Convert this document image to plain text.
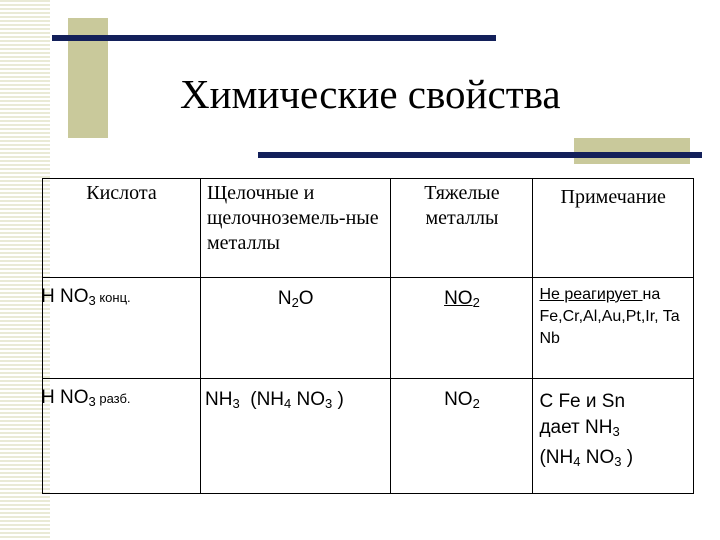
Химические свойства
Кислота	Щелочные и щелочноземель-ные металлы	Тяжелые металлы	Примечание

H $NO_3$ конц.	$N_2O$	$NO_2$	Не реагирует на Fe,Cr,Al,Au,Pt,Ir, Ta Nb

H $NO_3$ разб.	$NH_3$  ($NH_4$ $NO_3$ )	$NO_2$	С Fe и Sn
дает $NH_3$
($NH_4$ $NO_3$ )
